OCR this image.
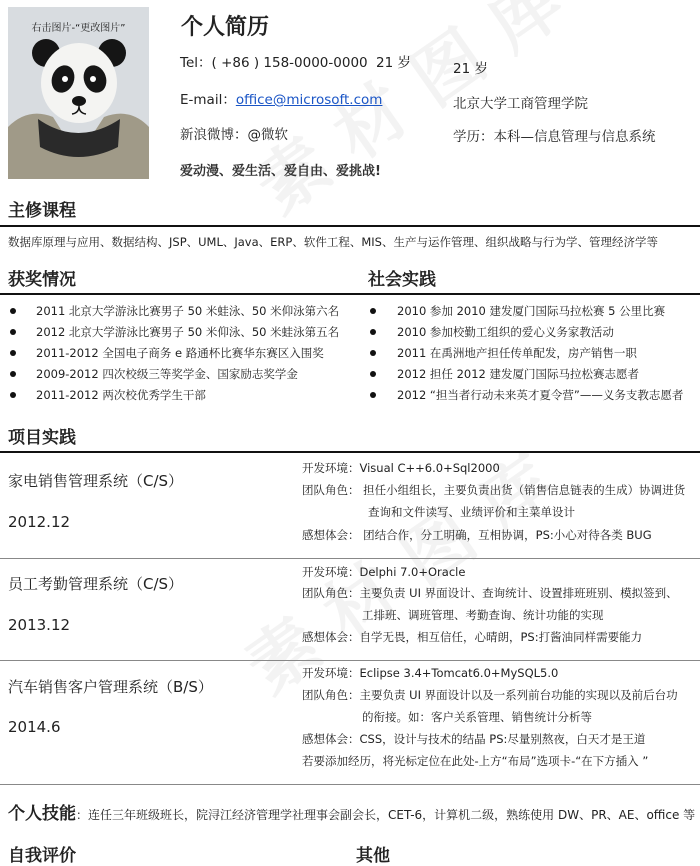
右击图片-“更改图片”	个人简历
Tel：( +86 ) 158-0000-0000 21 岁
E-mail：office@microsoft.com
新浪微博：@微软
爱动漫、爱生活、爱自由、爱挑战!
21 岁
北京大学工商管理学院
学历：本科—信息管理与信息系统
主修课程
数据库原理与应用、数据结构、JSP、UML、Java、ERP、软件工程、MIS、生产与运作管理、组织战略与行为学、管理经济学等
获奖情况	社会实践
2011 北京大学游泳比赛男子 50 米蛙泳、50 米仰泳第六名
2012 北京大学游泳比赛男子 50 米仰泳、50 米蛙泳第五名
2011-2012 全国电子商务 e 路通杯比赛华东赛区入围奖
2009-2012 四次校级三等奖学金、国家励志奖学金
2011-2012 两次校优秀学生干部
2010 参加 2010 建发厦门国际马拉松赛 5 公里比赛
2010 参加校勤工组织的爱心义务家教活动
2011 在禹洲地产担任传单配发，房产销售一职
2012 担任 2012 建发厦门国际马拉松赛志愿者
2012 “担当者行动未来英才夏令营”——义务支教志愿者
项目实践
家电销售管理系统（C/S）
2012.12
开发环境：Visual C++6.0+Sql2000
团队角色： 担任小组组长，主要负责出货（销售信息链表的生成）协调进货
查询和文件读写、业绩评价和主菜单设计
感想体会： 团结合作，分工明确，互相协调，PS:小心对待各类 BUG
员工考勤管理系统（C/S）
2013.12
开发环境：Delphi 7.0+Oracle
团队角色：主要负责 UI 界面设计、查询统计、设置排班班别、模拟签到、
工排班、调班管理、考勤查询、统计功能的实现
感想体会：自学无畏，相互信任，心晴朗，PS:打酱油同样需要能力
汽车销售客户管理系统（B/S）
2014.6
开发环境：Eclipse 3.4+Tomcat6.0+MySQL5.0
团队角色：主要负责 UI 界面设计以及一系列前台功能的实现以及前后台功
的衔接。如：客户关系管理、销售统计分析等
感想体会：CSS，设计与技术的结晶 PS:尽量别熬夜，白天才是王道
若要添加经历，将光标定位在此处-上方“布局”选项卡-“在下方插入 ”
个人技能：连任三年班级班长，院浔江经济管理学社理事会副会长，CET-6，计算机二级，熟练使用 DW、PR、AE、office 等
自我评价	其他
